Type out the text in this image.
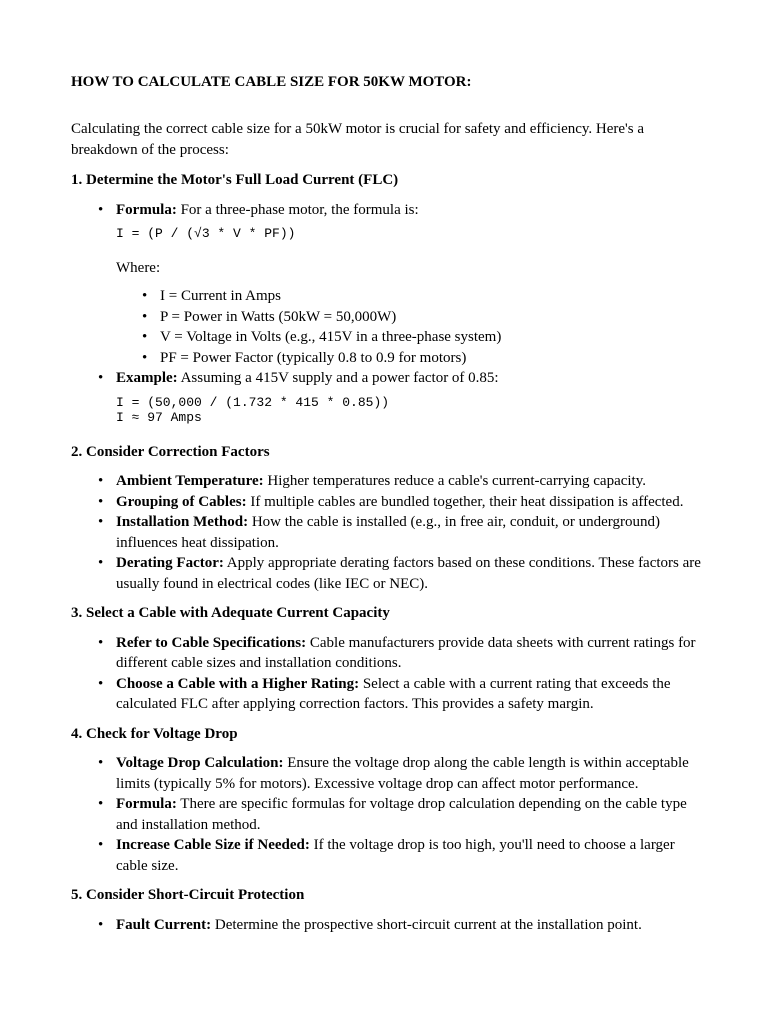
HOW TO CALCULATE CABLE SIZE FOR 50KW MOTOR:

Calculating the correct cable size for a 50kW motor is crucial for safety and efficiency. Here's a breakdown of the process:

1. Determine the Motor's Full Load Current (FLC)
• Formula: For a three-phase motor, the formula is:
I = (P / (√3 * V * PF))
Where:
• I = Current in Amps
• P = Power in Watts (50kW = 50,000W)
• V = Voltage in Volts (e.g., 415V in a three-phase system)
• PF = Power Factor (typically 0.8 to 0.9 for motors)
• Example: Assuming a 415V supply and a power factor of 0.85:
I = (50,000 / (1.732 * 415 * 0.85))
I ≈ 97 Amps
2. Consider Correction Factors
• Ambient Temperature: Higher temperatures reduce a cable's current-carrying capacity.
• Grouping of Cables: If multiple cables are bundled together, their heat dissipation is affected.
• Installation Method: How the cable is installed (e.g., in free air, conduit, or underground) influences heat dissipation.
• Derating Factor: Apply appropriate derating factors based on these conditions. These factors are usually found in electrical codes (like IEC or NEC).
3. Select a Cable with Adequate Current Capacity
• Refer to Cable Specifications: Cable manufacturers provide data sheets with current ratings for different cable sizes and installation conditions.
• Choose a Cable with a Higher Rating: Select a cable with a current rating that exceeds the calculated FLC after applying correction factors. This provides a safety margin.
4. Check for Voltage Drop
• Voltage Drop Calculation: Ensure the voltage drop along the cable length is within acceptable limits (typically 5% for motors). Excessive voltage drop can affect motor performance.
• Formula: There are specific formulas for voltage drop calculation depending on the cable type and installation method.
• Increase Cable Size if Needed: If the voltage drop is too high, you'll need to choose a larger cable size.
5. Consider Short-Circuit Protection
• Fault Current: Determine the prospective short-circuit current at the installation point.
